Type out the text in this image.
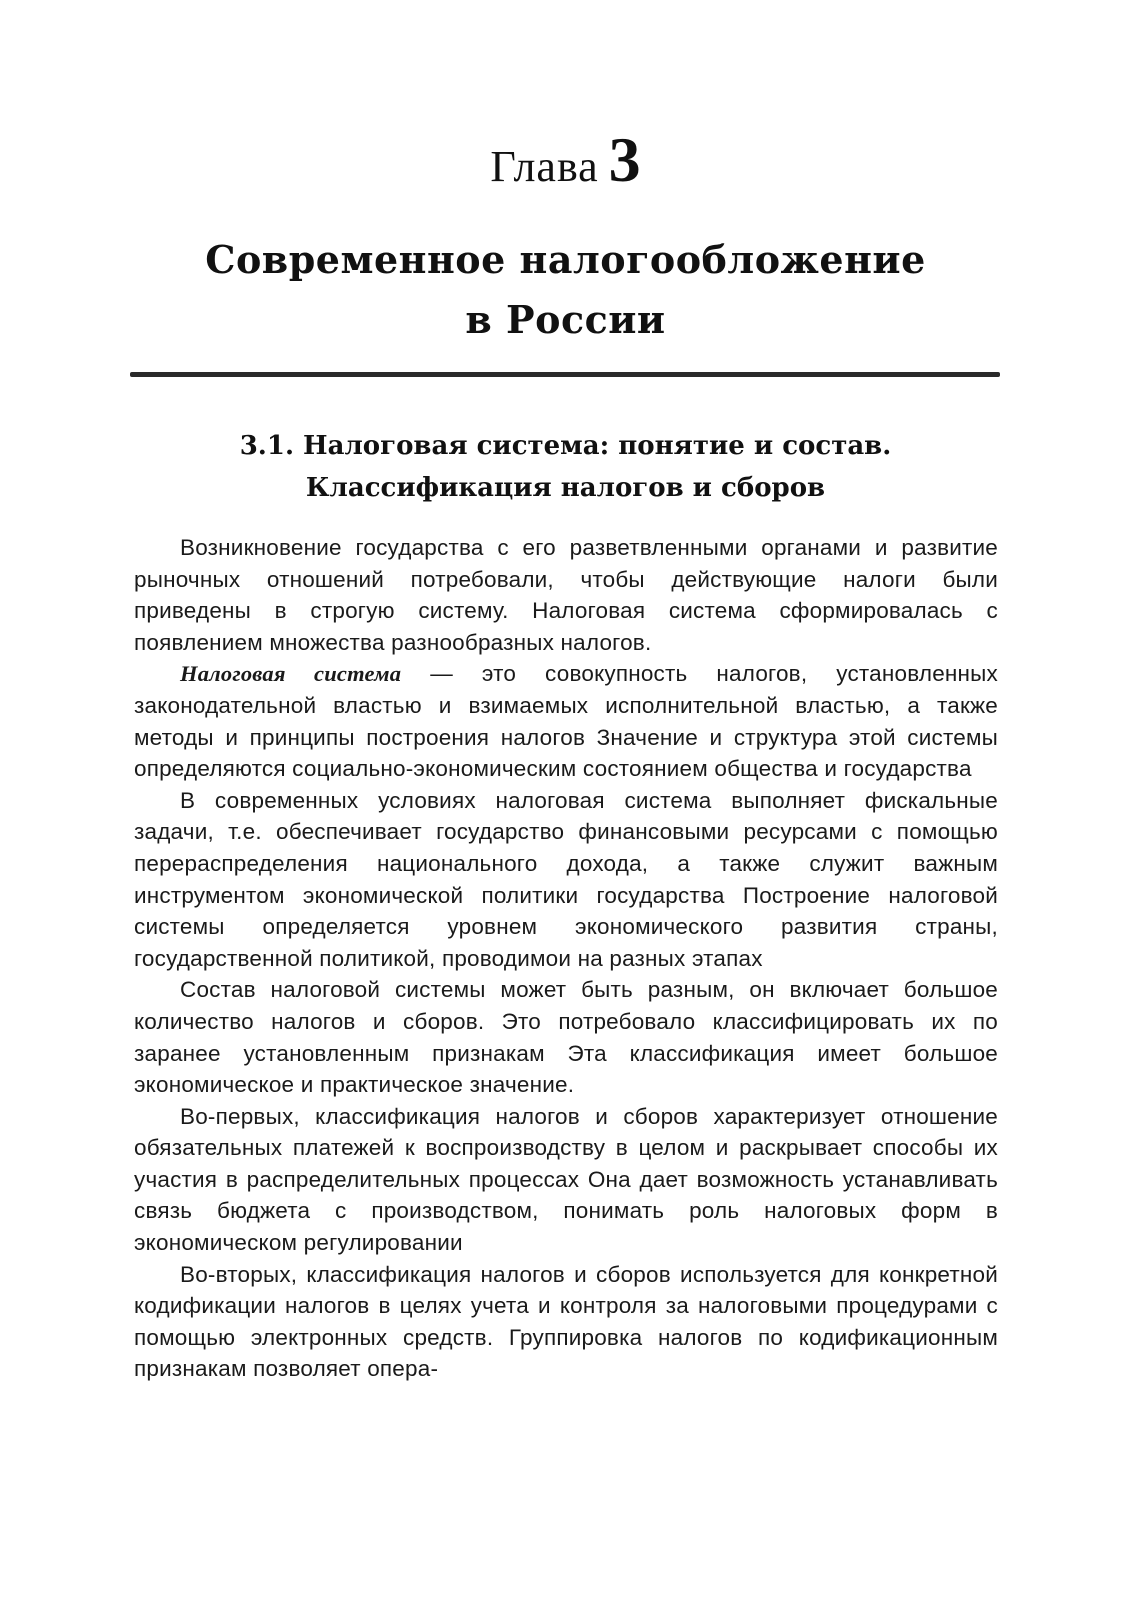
Глава 3
Современное налогообложение
в России
3.1. Налоговая система: понятие и состав.
Классификация налогов и сборов

Возникновение государства с его разветвленными органами и развитие рыночных отношений потребовали, чтобы действующие налоги были приведены в строгую систему. Налоговая система сформировалась с появлением множества разнообразных налогов.

Налоговая система — это совокупность налогов, установленных законодательной властью и взимаемых исполнительной властью, а также методы и принципы построения налогов Значение и структура этой системы определяются социально-экономическим состоянием общества и государства

В современных условиях налоговая система выполняет фискальные задачи, т.е. обеспечивает государство финансовыми ресурсами с помощью перераспределения национального дохода, а также служит важным инструментом экономической политики государства Построение налоговой системы определяется уровнем экономического развития страны, государственной политикой, проводимои на разных этапах

Состав налоговой системы может быть разным, он включает большое количество налогов и сборов. Это потребовало классифицировать их по заранее установленным признакам Эта классификация имеет большое экономическое и практическое значение.

Во-первых, классификация налогов и сборов характеризует отношение обязательных платежей к воспроизводству в целом и раскрывает способы их участия в распределительных процессах Она дает возможность устанавливать связь бюджета с производством, понимать роль налоговых форм в экономическом регулировании

Во-вторых, классификация налогов и сборов используется для конкретной кодификации налогов в целях учета и контроля за налоговыми процедурами с помощью электронных средств. Группировка налогов по кодификационным признакам позволяет опера-
